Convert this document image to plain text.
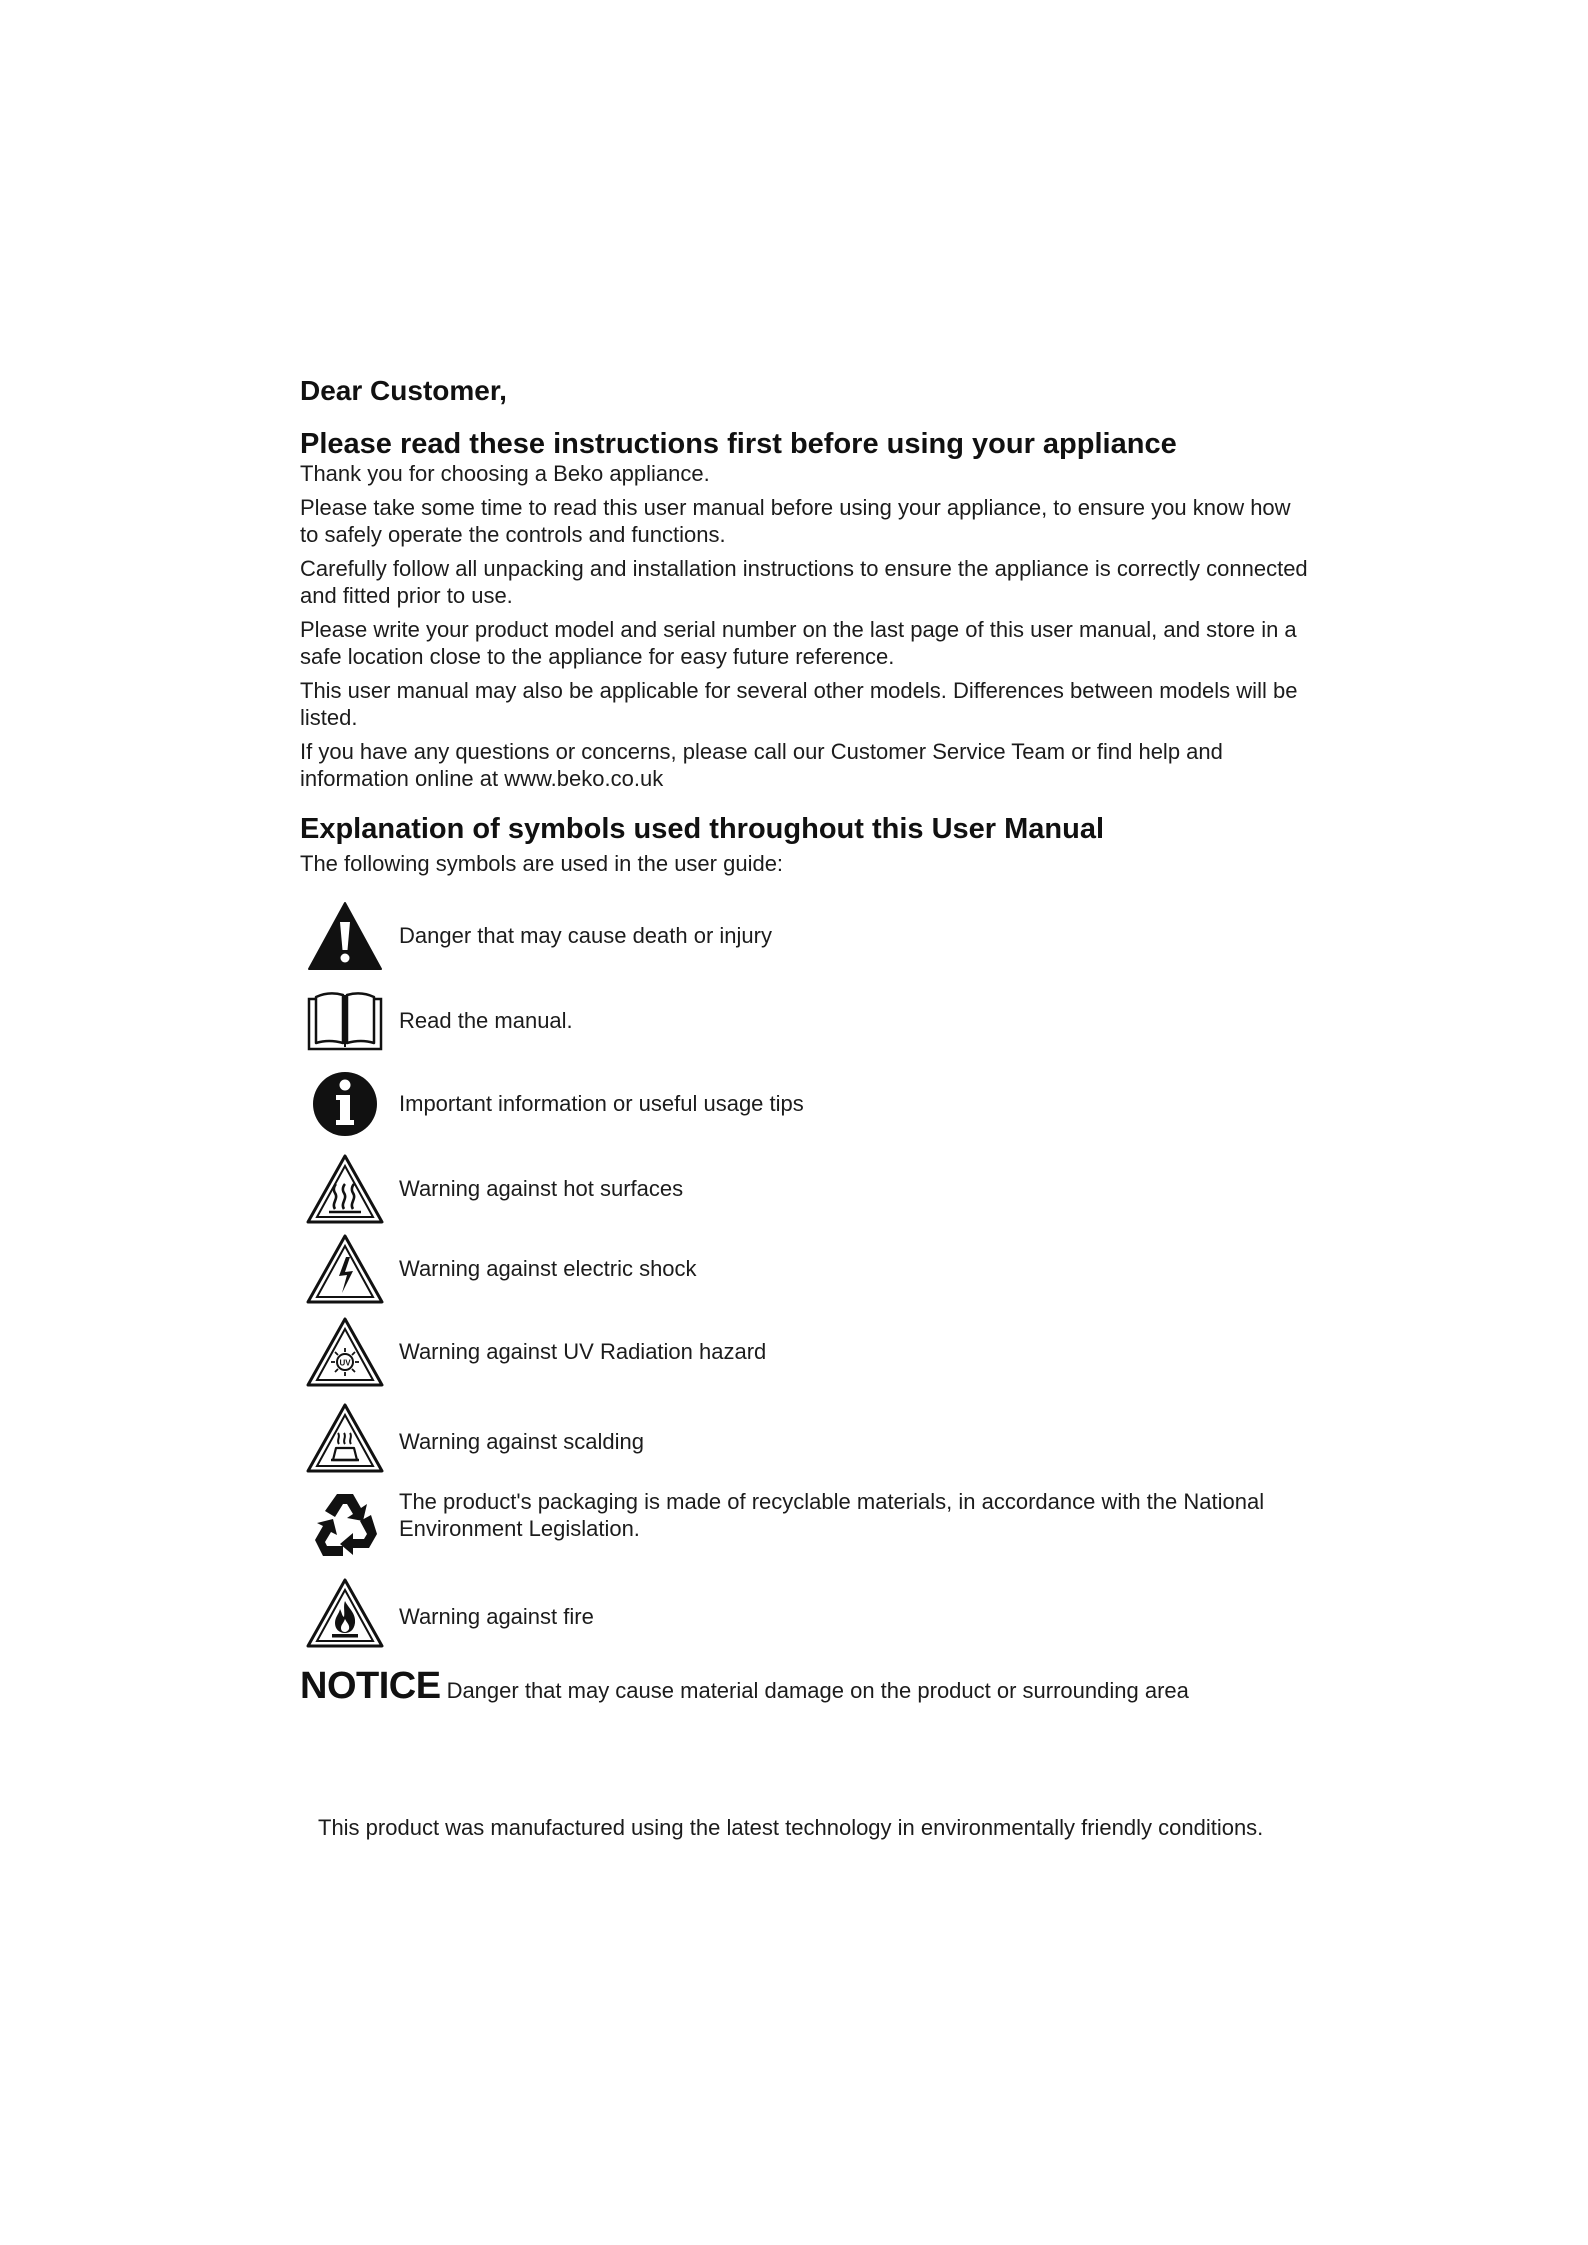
Dear Customer,
Please read these instructions first before using your appliance

Thank you for choosing a Beko appliance.

Please take some time to read this user manual before using your appliance, to ensure you know how to safely operate the controls and functions.

Carefully follow all unpacking and installation instructions to ensure the appliance is correctly connected and fitted prior to use.

Please write your product model and serial number on the last page of this user manual, and store in a safe location close to the appliance for easy future reference.

This user manual may also be applicable for several other models. Differences between models will be listed.

If you have any questions or concerns, please call our Customer Service Team or find help and information online at www.beko.co.uk

Explanation of symbols used throughout this User Manual

The following symbols are used in the user guide:

Danger that may cause death or injury
Read the manual.
Important information or useful usage tips
Warning against hot surfaces
Warning against electric shock
UV Warning against UV Radiation hazard
Warning against scalding
The product's packaging is made of recyclable materials, in accordance with the National Environment Legislation.
Warning against fire
NOTICE Danger that may cause material damage on the product or surrounding area

This product was manufactured using the latest technology in environmentally friendly conditions.
